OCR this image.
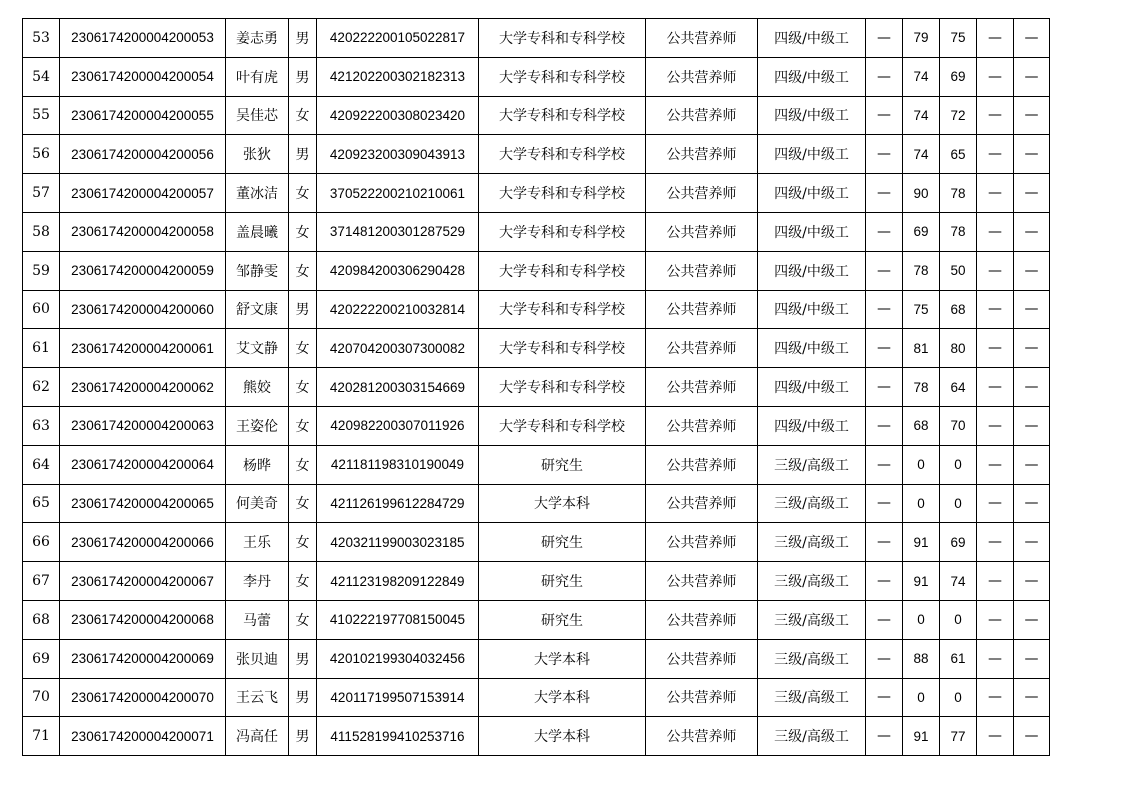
53	2306174200004200053	姜志勇	男	420222200105022817	大学专科和专科学校	公共营养师	四级/中级工	—	79	75	—	—
54	2306174200004200054	叶有虎	男	421202200302182313	大学专科和专科学校	公共营养师	四级/中级工	—	74	69	—	—
55	2306174200004200055	吴佳芯	女	420922200308023420	大学专科和专科学校	公共营养师	四级/中级工	—	74	72	—	—
56	2306174200004200056	张狄	男	420923200309043913	大学专科和专科学校	公共营养师	四级/中级工	—	74	65	—	—
57	2306174200004200057	董冰洁	女	370522200210210061	大学专科和专科学校	公共营养师	四级/中级工	—	90	78	—	—
58	2306174200004200058	盖晨曦	女	371481200301287529	大学专科和专科学校	公共营养师	四级/中级工	—	69	78	—	—
59	2306174200004200059	邹静雯	女	420984200306290428	大学专科和专科学校	公共营养师	四级/中级工	—	78	50	—	—
60	2306174200004200060	舒文康	男	420222200210032814	大学专科和专科学校	公共营养师	四级/中级工	—	75	68	—	—
61	2306174200004200061	艾文静	女	420704200307300082	大学专科和专科学校	公共营养师	四级/中级工	—	81	80	—	—
62	2306174200004200062	熊姣	女	420281200303154669	大学专科和专科学校	公共营养师	四级/中级工	—	78	64	—	—
63	2306174200004200063	王姿伦	女	420982200307011926	大学专科和专科学校	公共营养师	四级/中级工	—	68	70	—	—
64	2306174200004200064	杨晔	女	421181198310190049	研究生	公共营养师	三级/高级工	—	0	0	—	—
65	2306174200004200065	何美奇	女	421126199612284729	大学本科	公共营养师	三级/高级工	—	0	0	—	—
66	2306174200004200066	王乐	女	420321199003023185	研究生	公共营养师	三级/高级工	—	91	69	—	—
67	2306174200004200067	李丹	女	421123198209122849	研究生	公共营养师	三级/高级工	—	91	74	—	—
68	2306174200004200068	马蕾	女	410222197708150045	研究生	公共营养师	三级/高级工	—	0	0	—	—
69	2306174200004200069	张贝迪	男	420102199304032456	大学本科	公共营养师	三级/高级工	—	88	61	—	—
70	2306174200004200070	王云飞	男	420117199507153914	大学本科	公共营养师	三级/高级工	—	0	0	—	—
71	2306174200004200071	冯高任	男	411528199410253716	大学本科	公共营养师	三级/高级工	—	91	77	—	—
